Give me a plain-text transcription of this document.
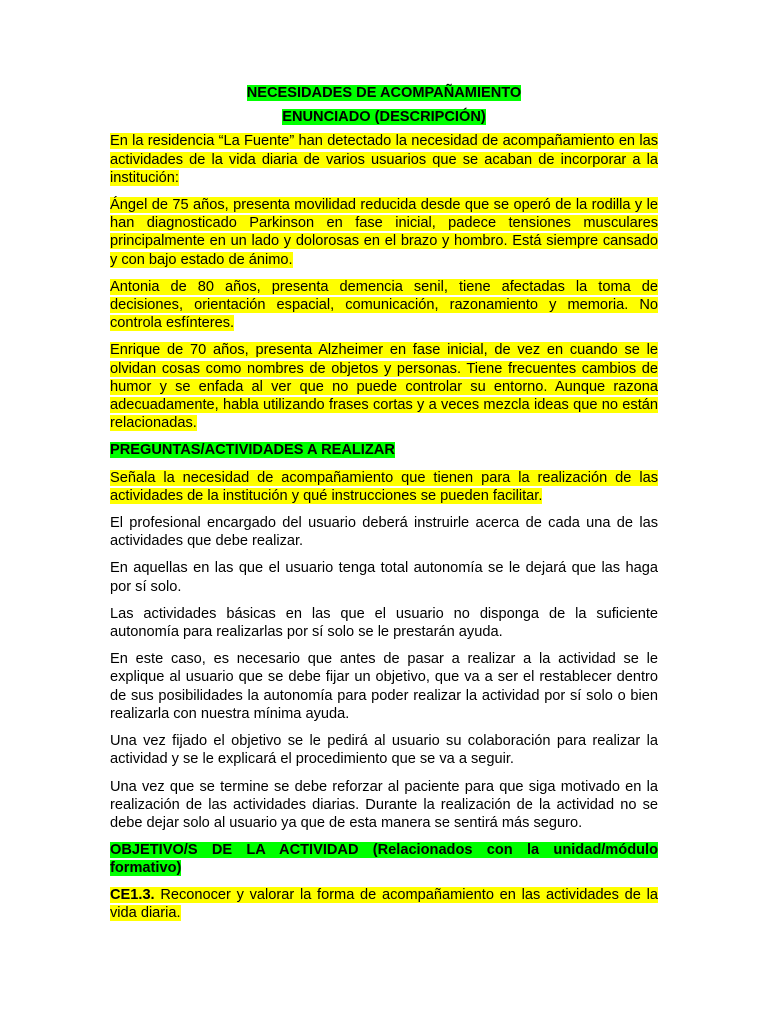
NECESIDADES DE ACOMPAÑAMIENTO
ENUNCIADO (DESCRIPCIÓN)

En la residencia “La Fuente” han detectado la necesidad de acompañamiento en las actividades de la vida diaria de varios usuarios que se acaban de incorporar a la institución:

Ángel de 75 años, presenta movilidad reducida desde que se operó de la rodilla y le han diagnosticado Parkinson en fase inicial, padece tensiones musculares principalmente en un lado y dolorosas en el brazo y hombro. Está siempre cansado y con bajo estado de ánimo.

Antonia de 80 años, presenta demencia senil, tiene afectadas la toma de decisiones, orientación espacial, comunicación, razonamiento y memoria. No controla esfínteres.

Enrique de 70 años, presenta Alzheimer en fase inicial, de vez en cuando se le olvidan cosas como nombres de objetos y personas. Tiene frecuentes cambios de humor y se enfada al ver que no puede controlar su entorno. Aunque razona adecuadamente, habla utilizando frases cortas y a veces mezcla ideas que no están relacionadas.

PREGUNTAS/ACTIVIDADES A REALIZAR

Señala la necesidad de acompañamiento que tienen para la realización de las actividades de la institución y qué instrucciones se pueden facilitar.

El profesional encargado del usuario deberá instruirle acerca de cada una de las actividades que debe realizar.

En aquellas en las que el usuario tenga total autonomía se le dejará que las haga por sí solo.

Las actividades básicas en las que el usuario no disponga de la suficiente autonomía para realizarlas por sí solo se le prestarán ayuda.

En este caso, es necesario que antes de pasar a realizar a la actividad se le explique al usuario que se debe fijar un objetivo, que va a ser el restablecer dentro de sus posibilidades la autonomía para poder realizar la actividad por sí solo o bien realizarla con nuestra mínima ayuda.

Una vez fijado el objetivo se le pedirá al usuario su colaboración para realizar la actividad y se le explicará el procedimiento que se va a seguir.

Una vez que se termine se debe reforzar al paciente para que siga motivado en la realización de las actividades diarias. Durante la realización de la actividad no se debe dejar solo al usuario ya que de esta manera se sentirá más seguro.

OBJETIVO/S DE LA ACTIVIDAD (Relacionados con la unidad/módulo formativo)

CE1.3. Reconocer y valorar la forma de acompañamiento en las actividades de la vida diaria.
